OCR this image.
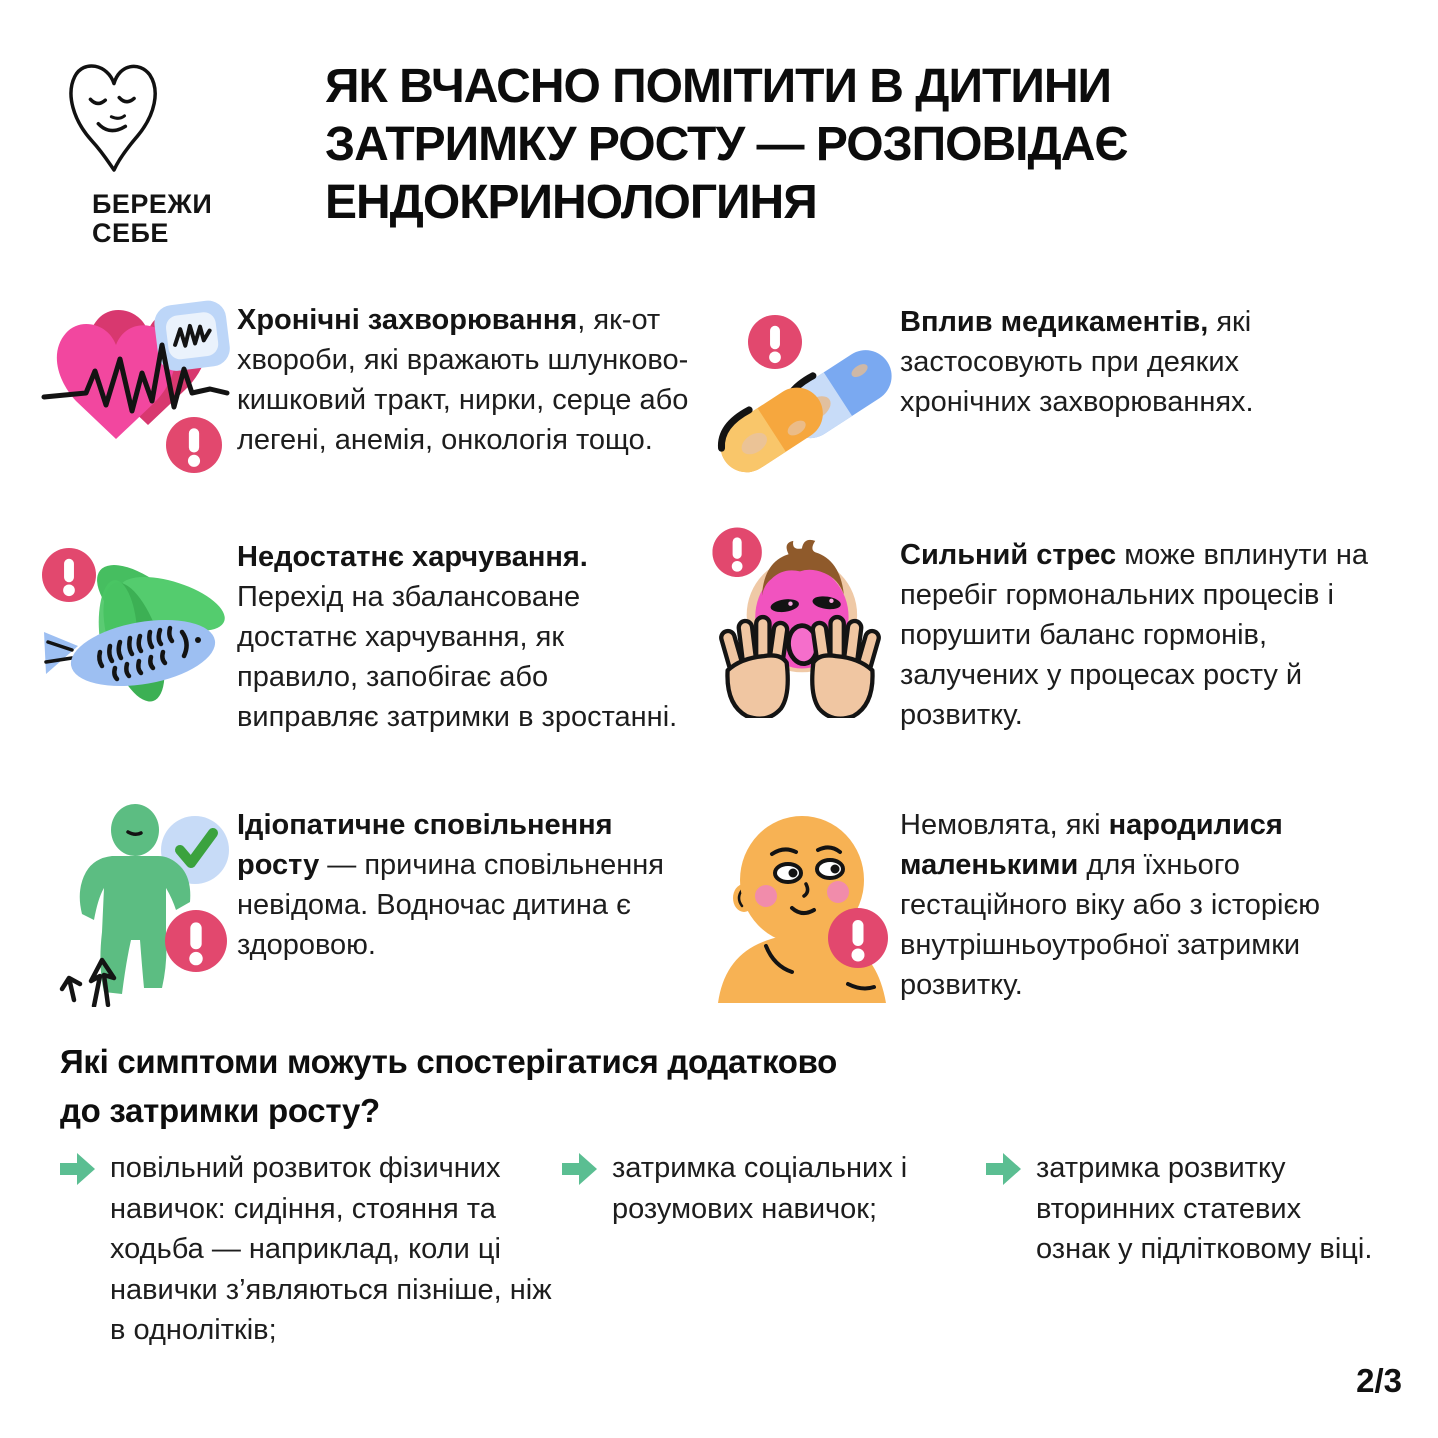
БЕРЕЖИ
СЕБЕ
ЯК ВЧАСНО ПОМІТИТИ В ДИТИНИ
ЗАТРИМКУ РОСТУ — РОЗПОВІДАЄ
ЕНДОКРИНОЛОГИНЯ
Хронічні захворювання, як-от хвороби, які вражають шлунково-кишковий тракт, нирки, серце або легені, анемія, онкологія тощо.
Вплив медикаментів, які застосовують при деяких хронічних захворюваннях.
Недостатнє харчування. Перехід на збалансоване достатнє харчування, як правило, запобігає або виправляє затримки в зростанні.
Сильний стрес може вплинути на перебіг гормональних процесів і порушити баланс гормонів, залучених у процесах росту й розвитку.
Ідіопатичне сповільнення росту — причина сповільнення невідома. Водночас дитина є здоровою.
Немовлята, які народилися маленькими для їхнього гестаційного віку або з історією внутрішньоутробної затримки розвитку.
Які симптоми можуть спостерігатися додатково
до затримки росту?
повільний розвиток фізичних навичок: сидіння, стояння та ходьба — наприклад, коли ці навички з’являються пізніше, ніж в однолітків;
затримка соціальних і розумових навичок;
затримка розвитку вторинних статевих ознак у підлітковому віці.
2/3
